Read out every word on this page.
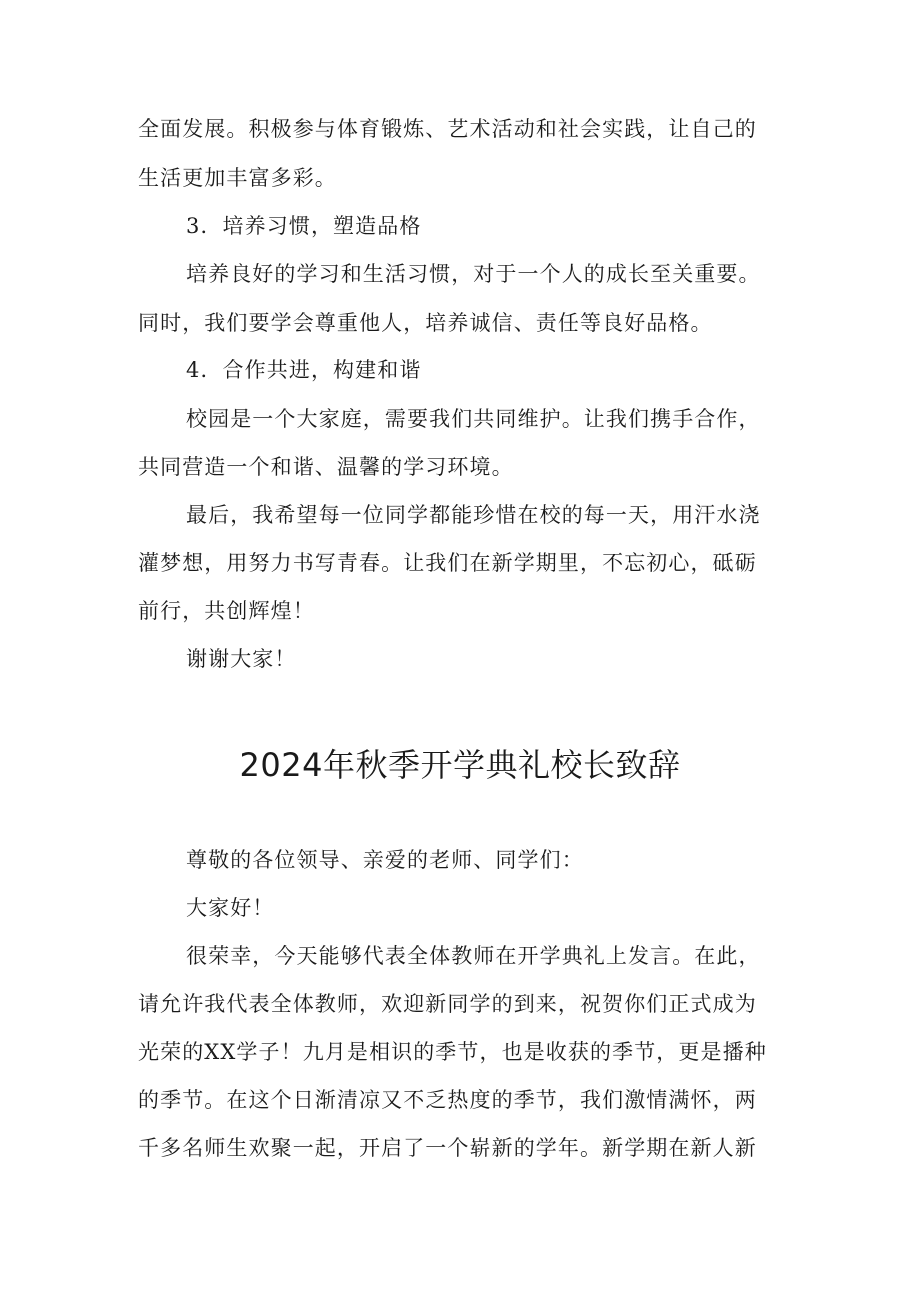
全面发展。积极参与体育锻炼、艺术活动和社会实践，让自己的
生活更加丰富多彩。
3．培养习惯，塑造品格
培养良好的学习和生活习惯，对于一个人的成长至关重要。
同时，我们要学会尊重他人，培养诚信、责任等良好品格。
4．合作共进，构建和谐
校园是一个大家庭，需要我们共同维护。让我们携手合作，
共同营造一个和谐、温馨的学习环境。
最后，我希望每一位同学都能珍惜在校的每一天，用汗水浇
灌梦想，用努力书写青春。让我们在新学期里，不忘初心，砥砺
前行，共创辉煌！
谢谢大家！
2024年秋季开学典礼校长致辞
尊敬的各位领导、亲爱的老师、同学们：
大家好！
很荣幸，今天能够代表全体教师在开学典礼上发言。在此，
请允许我代表全体教师，欢迎新同学的到来，祝贺你们正式成为
光荣的XX学子！九月是相识的季节，也是收获的季节，更是播种
的季节。在这个日渐清凉又不乏热度的季节，我们激情满怀，两
千多名师生欢聚一起，开启了一个崭新的学年。新学期在新人新
